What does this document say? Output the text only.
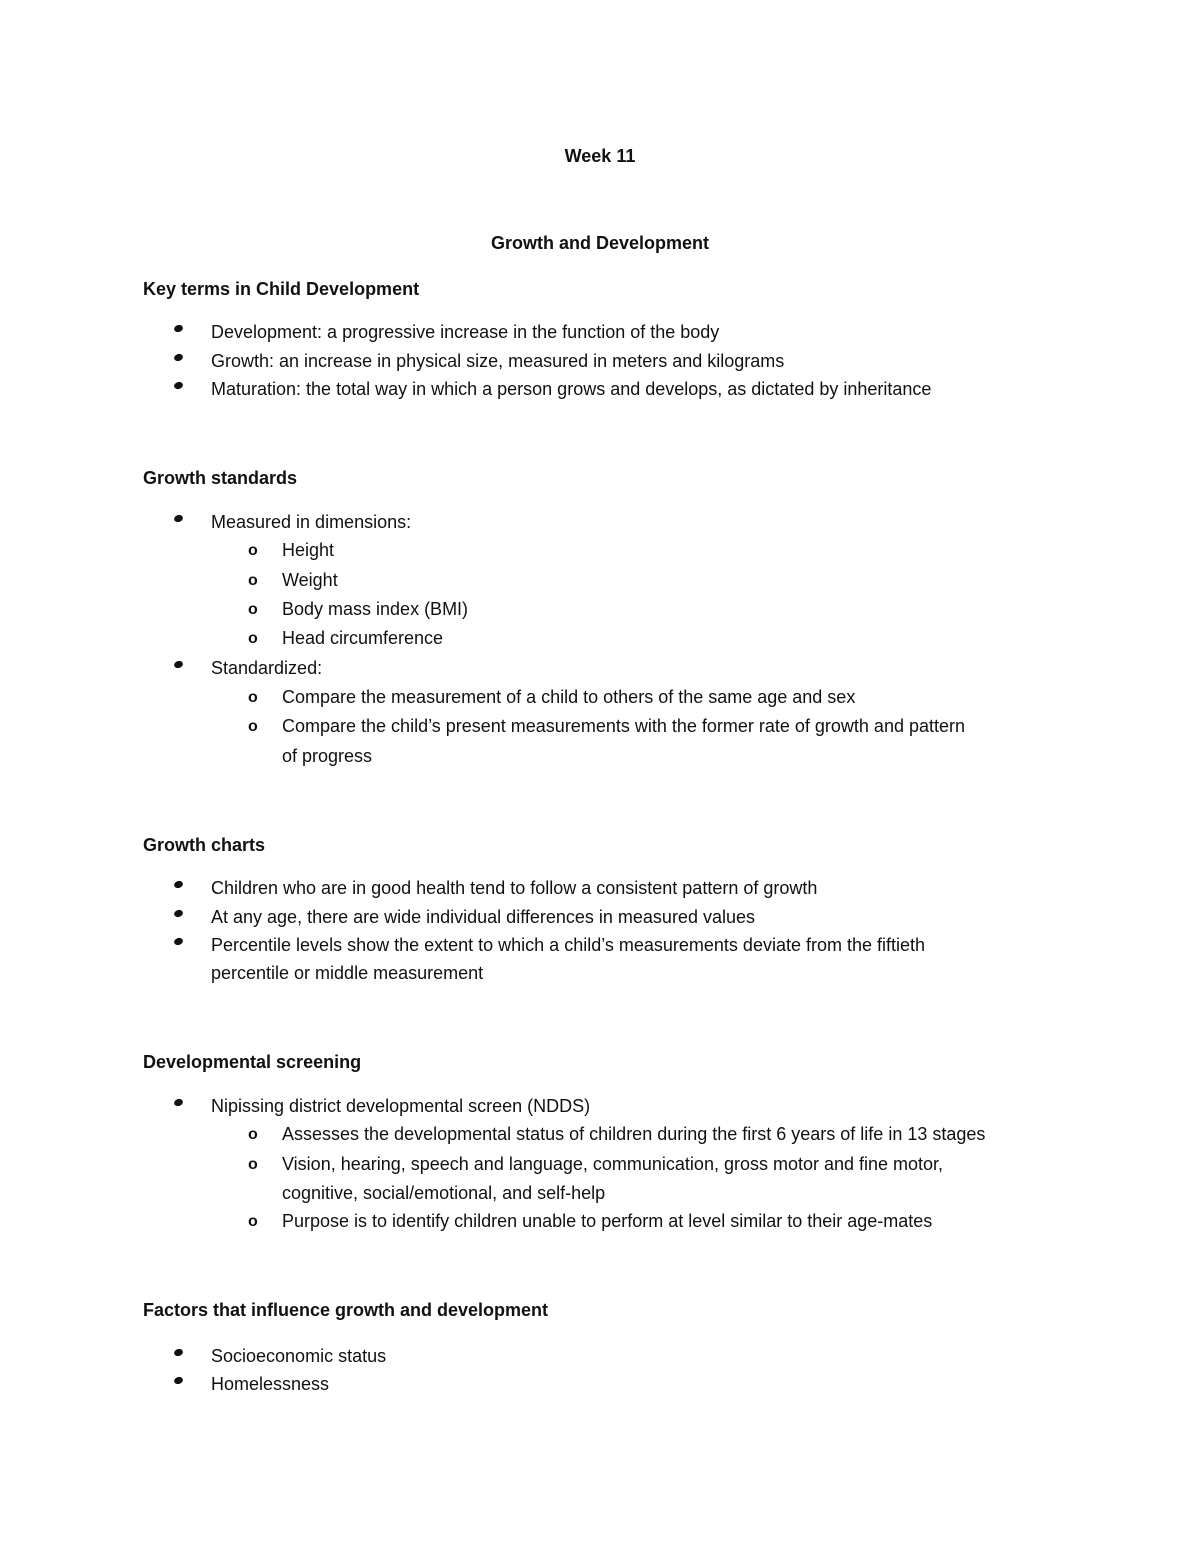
Week 11
Growth and Development
Key terms in Child Development
Development: a progressive increase in the function of the body
Growth: an increase in physical size, measured in meters and kilograms
Maturation: the total way in which a person grows and develops, as dictated by inheritance
Growth standards
Measured in dimensions:
o Height
o Weight
o Body mass index (BMI)
o Head circumference
Standardized:
o Compare the measurement of a child to others of the same age and sex
o Compare the child’s present measurements with the former rate of growth and pattern
of progress
Growth charts
Children who are in good health tend to follow a consistent pattern of growth
At any age, there are wide individual differences in measured values
Percentile levels show the extent to which a child’s measurements deviate from the fiftieth
percentile or middle measurement
Developmental screening
Nipissing district developmental screen (NDDS)
o Assesses the developmental status of children during the first 6 years of life in 13 stages
o Vision, hearing, speech and language, communication, gross motor and fine motor,
cognitive, social/emotional, and self-help
o Purpose is to identify children unable to perform at level similar to their age-mates
Factors that influence growth and development
Socioeconomic status
Homelessness
